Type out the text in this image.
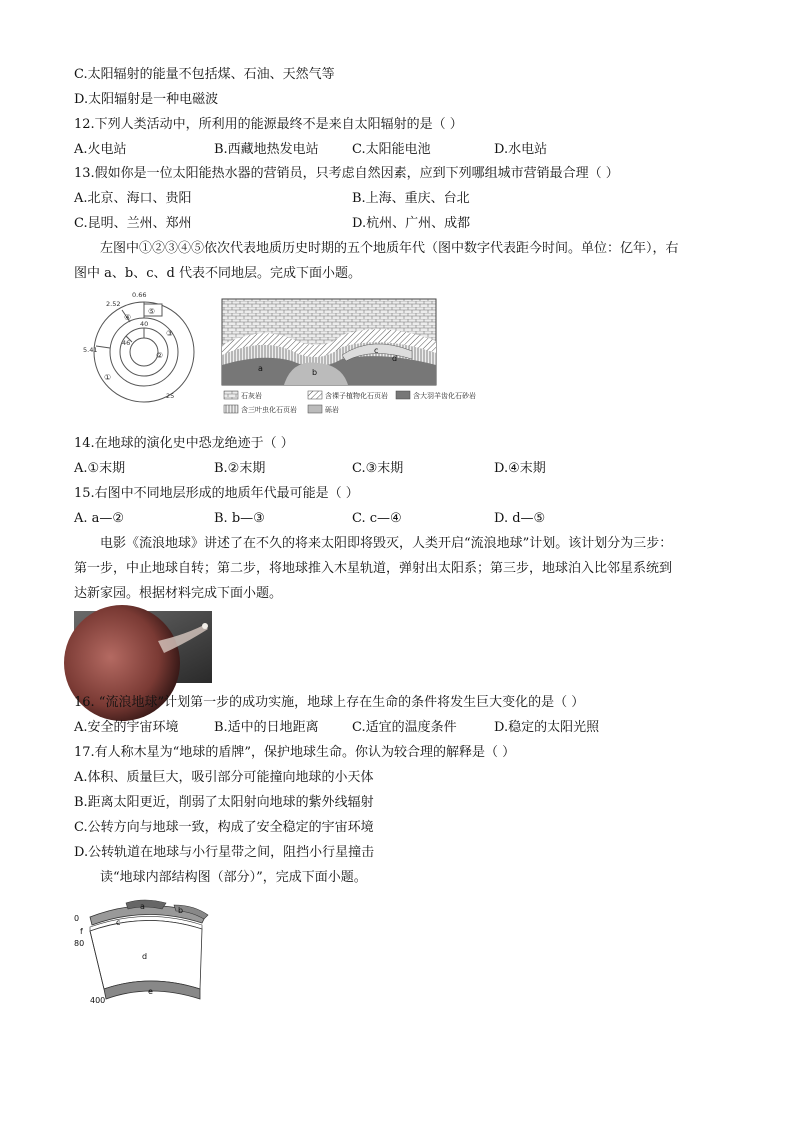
C.太阳辐射的能量不包括煤、石油、天然气等
D.太阳辐射是一种电磁波
12.下列人类活动中，所利用的能源最终不是来自太阳辐射的是（ ）
A.火电站	B.西藏地热发电站	C.太阳能电池	D.水电站
13.假如你是一位太阳能热水器的营销员，只考虑自然因素，应到下列哪组城市营销最合理（ ）
A.北京、海口、贵阳	B.上海、重庆、台北
C.昆明、兰州、郑州	D.杭州、广州、成都
左图中①②③④⑤依次代表地质历史时期的五个地质年代（图中数字代表距今时间。单位：亿年），右
图中 a、b、c、d 代表不同地层。完成下面小题。
0.66
2.52
40
46
5.41
25
⑤
④
③
②
①
a	b
c
d
石灰岩	含裸子植物化石页岩	含大羽羊齿化石砂岩
含三叶虫化石页岩	砾岩
14.在地球的演化史中恐龙绝迹于（ ）
A.①末期	B.②末期	C.③末期	D.④末期
15.右图中不同地层形成的地质年代最可能是（ ）
A. a—②	B. b—③	C. c—④	D. d—⑤
电影《流浪地球》讲述了在不久的将来太阳即将毁灭，人类开启“流浪地球”计划。该计划分为三步：
第一步，中止地球自转；第二步，将地球推入木星轨道，弹射出太阳系；第三步，地球泊入比邻星系统到
达新家园。根据材料完成下面小题。
16. “流浪地球”计划第一步的成功实施，地球上存在生命的条件将发生巨大变化的是（ ）
A.安全的宇宙环境	B.适中的日地距离	C.适宜的温度条件	D.稳定的太阳光照
17.有人称木星为“地球的盾牌”，保护地球生命。你认为较合理的解释是（ ）
A.体积、质量巨大，吸引部分可能撞向地球的小天体
B.距离太阳更近，削弱了太阳射向地球的紫外线辐射
C.公转方向与地球一致，构成了安全稳定的宇宙环境
D.公转轨道在地球与小行星带之间，阻挡小行星撞击
读“地球内部结构图（部分）”，完成下面小题。
a	b
c
d
e
f
0
80
400
